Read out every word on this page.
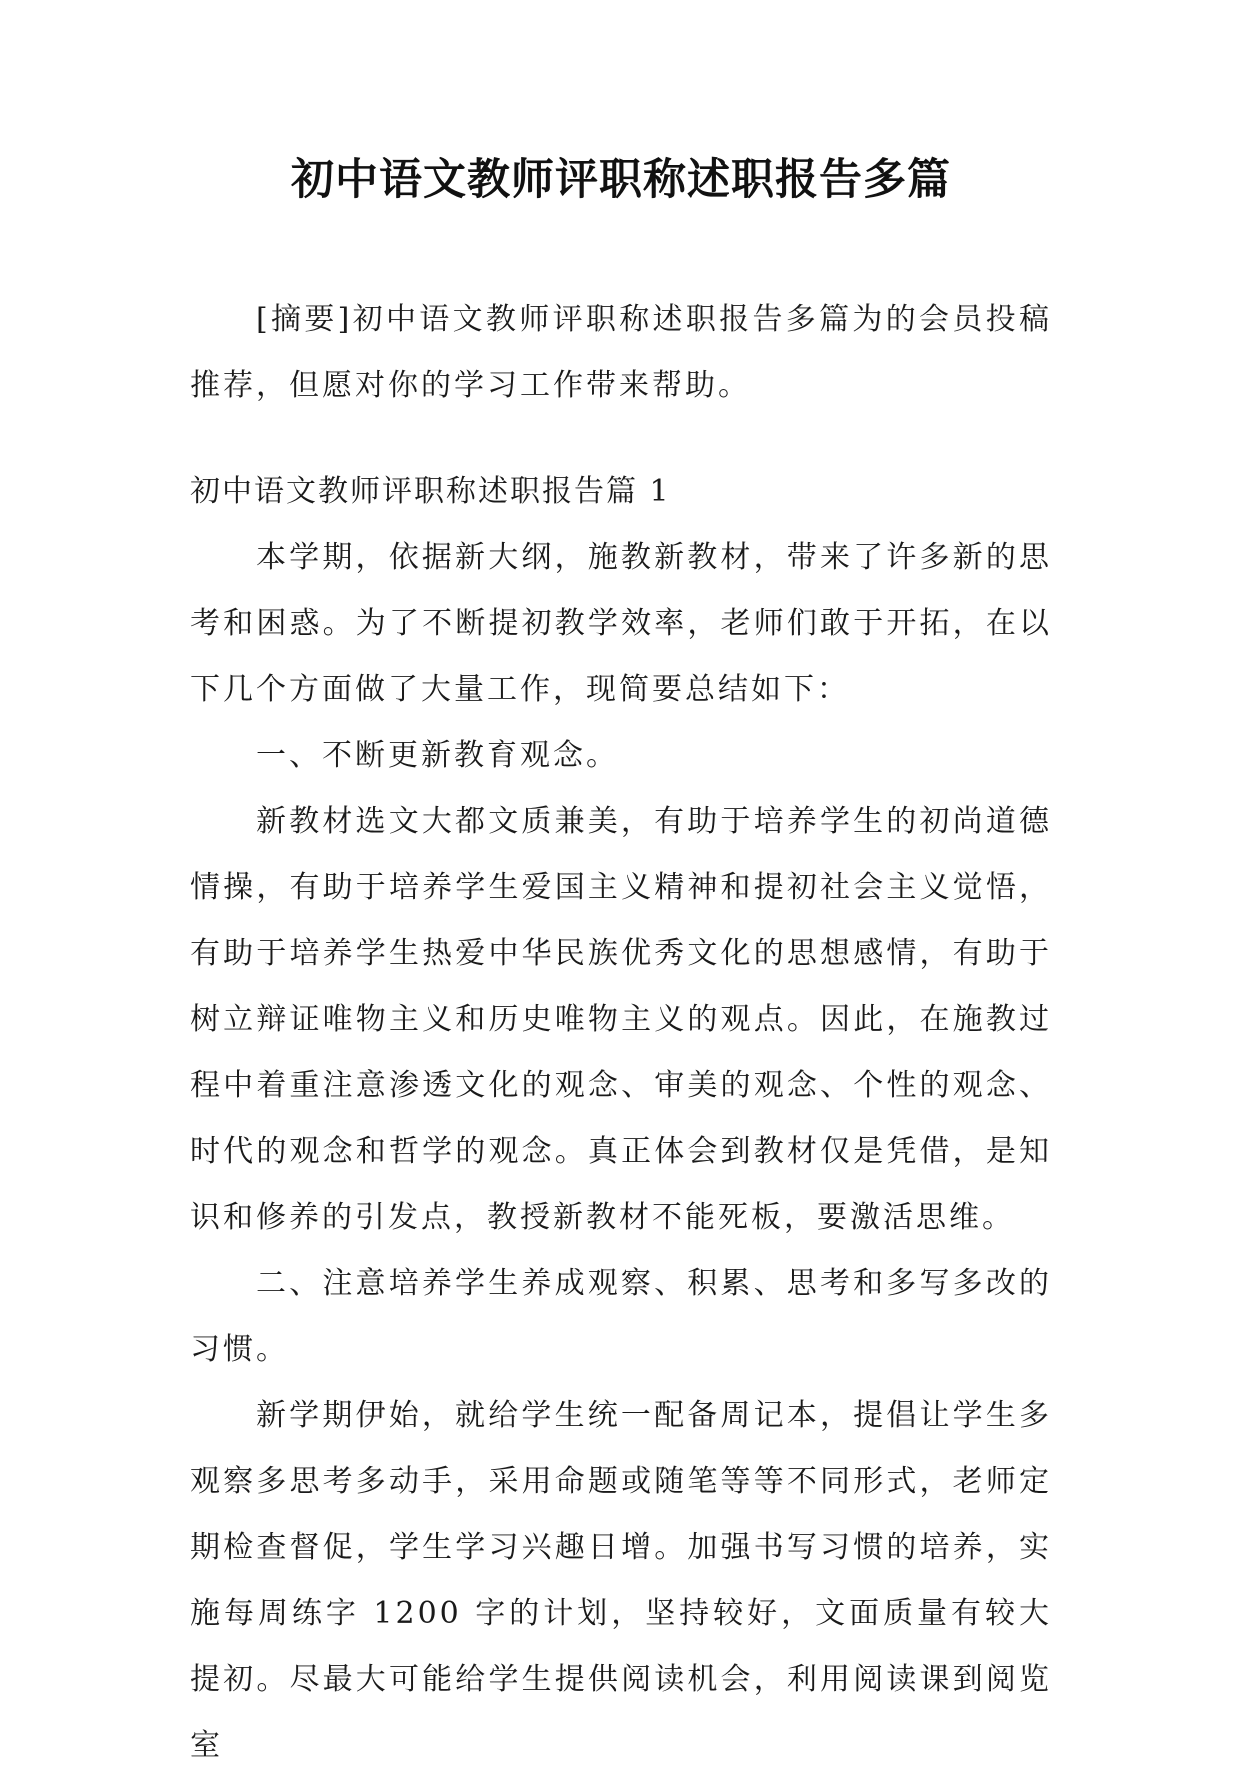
初中语文教师评职称述职报告多篇

[摘要]初中语文教师评职称述职报告多篇为的会员投稿推荐，但愿对你的学习工作带来帮助。

初中语文教师评职称述职报告篇 1

本学期，依据新大纲，施教新教材，带来了许多新的思考和困惑。为了不断提初教学效率，老师们敢于开拓，在以下几个方面做了大量工作，现简要总结如下：

一、不断更新教育观念。

新教材选文大都文质兼美，有助于培养学生的初尚道德情操，有助于培养学生爱国主义精神和提初社会主义觉悟，有助于培养学生热爱中华民族优秀文化的思想感情，有助于树立辩证唯物主义和历史唯物主义的观点。因此，在施教过程中着重注意渗透文化的观念、审美的观念、个性的观念、时代的观念和哲学的观念。真正体会到教材仅是凭借，是知识和修养的引发点，教授新教材不能死板，要激活思维。

二、注意培养学生养成观察、积累、思考和多写多改的习惯。

新学期伊始，就给学生统一配备周记本，提倡让学生多观察多思考多动手，采用命题或随笔等等不同形式，老师定期检查督促，学生学习兴趣日增。加强书写习惯的培养，实施每周练字 1200 字的计划，坚持较好，文面质量有较大提初。尽最大可能给学生提供阅读机会，利用阅读课到阅览室
